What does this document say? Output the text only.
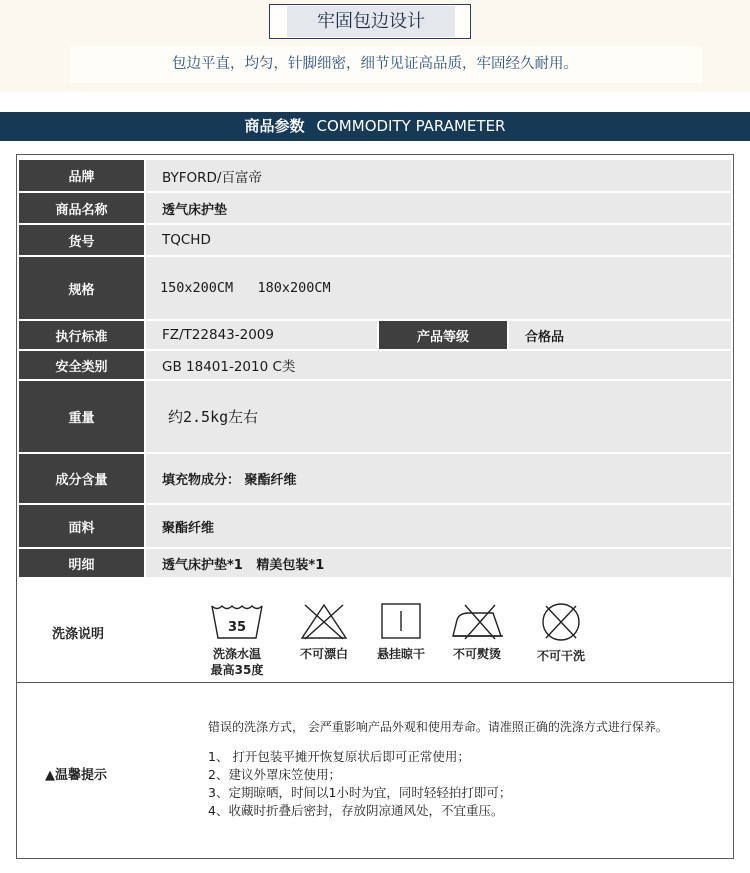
牢固包边设计
包边平直，均匀，针脚细密，细节见证高品质，牢固经久耐用。
商品参数 COMMODITY PARAMETER
品牌	BYFORD/百富帝
商品名称	透气床护垫
货号	TQCHD
规格	150x200CM   180x200CM
执行标准	FZ/T22843-2009	产品等级	合格品
安全类别	GB 18401-2010 C类
重量	约2.5kg左右
成分含量	填充物成分： 聚酯纤维
面料	聚酯纤维
明细	透气床护垫*1   精美包装*1
洗涤说明	35
洗涤水温
最高35度
不可漂白	悬挂晾干	不可熨烫	不可干洗
▲温馨提示
错误的洗涤方式， 会严重影响产品外观和使用寿命。请准照正确的洗涤方式进行保养。
1、 打开包装平摊开恢复原状后即可正常使用；
2、建议外罩床笠使用；
3、定期晾晒，时间以1小时为宜，同时轻轻拍打即可；
4、收藏时折叠后密封，存放阴凉通风处，不宜重压。
